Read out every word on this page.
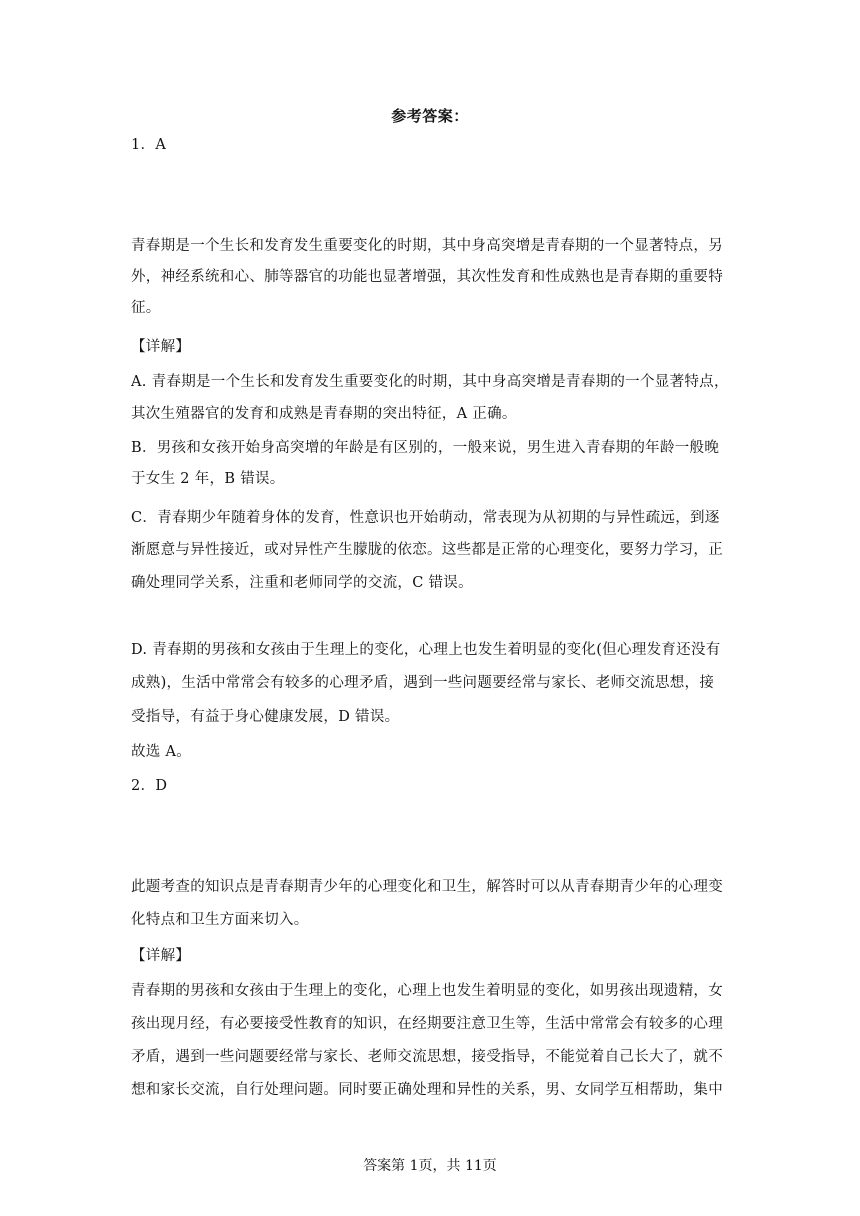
参考答案：
1．A
青春期是一个生长和发育发生重要变化的时期，其中身高突增是青春期的一个显著特点，另
外，神经系统和心、肺等器官的功能也显著增强，其次性发育和性成熟也是青春期的重要特
征。
【详解】
A. 青春期是一个生长和发育发生重要变化的时期，其中身高突增是青春期的一个显著特点，
其次生殖器官的发育和成熟是青春期的突出特征，A 正确。
B．男孩和女孩开始身高突增的年龄是有区别的，一般来说，男生进入青春期的年龄一般晚
于女生 2 年，B 错误。
C．青春期少年随着身体的发育，性意识也开始萌动，常表现为从初期的与异性疏远，到逐
渐愿意与异性接近，或对异性产生朦胧的依恋。这些都是正常的心理变化，要努力学习，正
确处理同学关系，注重和老师同学的交流，C 错误。
D. 青春期的男孩和女孩由于生理上的变化，心理上也发生着明显的变化(但心理发育还没有
成熟)，生活中常常会有较多的心理矛盾，遇到一些问题要经常与家长、老师交流思想，接
受指导，有益于身心健康发展，D 错误。
故选 A。
2．D
此题考查的知识点是青春期青少年的心理变化和卫生，解答时可以从青春期青少年的心理变
化特点和卫生方面来切入。
【详解】
青春期的男孩和女孩由于生理上的变化，心理上也发生着明显的变化，如男孩出现遗精，女
孩出现月经，有必要接受性教育的知识，在经期要注意卫生等，生活中常常会有较多的心理
矛盾，遇到一些问题要经常与家长、老师交流思想，接受指导，不能觉着自己长大了，就不
想和家长交流，自行处理问题。同时要正确处理和异性的关系，男、女同学互相帮助，集中
答案第 1页，共 11页
